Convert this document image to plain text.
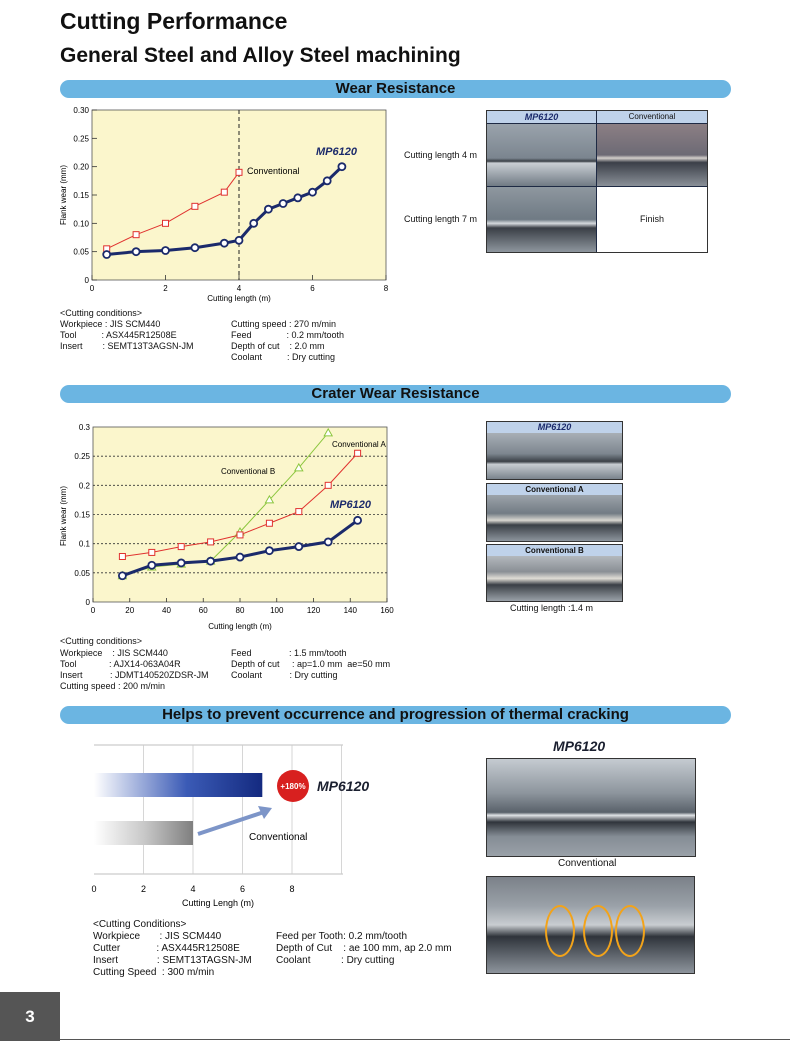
Cutting Performance
General Steel and Alloy Steel machining
Wear Resistance
0
0.05
0.10
0.15
0.20
0.25
0.30
0	2	4	6	8
Conventional
MP6120
Cutting length (m)
Flank wear (mm)
<Cutting conditions>
Workpiece : JIS SCM440
Tool          : ASX445R12508E
Insert        : SEMT13T3AGSN-JM
Cutting speed : 270 m/min
Feed              : 0.2 mm/tooth
Depth of cut    : 2.0 mm
Coolant          : Dry cutting
Cutting length 4 m
Cutting length 7 m
MP6120	Conventional
Finish
Crater Wear Resistance
0
0.05
0.1
0.15
0.2
0.25
0.3
0	20	40	60	80	100	120	140	160
Conventional A
Conventional B
MP6120
Cutting length (m)
Flank wear (mm)
<Cutting conditions>
Workpiece    : JIS SCM440
Tool             : AJX14-063A04R
Insert           : JDMT140520ZDSR-JM
Cutting speed : 200 m/min
Feed               : 1.5 mm/tooth
Depth of cut     : ap=1.0 mm  ae=50 mm
Coolant           : Dry cutting
MP6120
Conventional A
Conventional B
Cutting length :1.4 m
Helps to prevent occurrence and progression of thermal cracking
+180% MP6120
Conventional
0	2	4	6	8
Cutting Lengh (m)
<Cutting Conditions>
Workpiece       : JIS SCM440
Cutter             : ASX445R12508E
Insert              : SEMT13TAGSN-JM
Cutting Speed  : 300 m/min
Feed per Tooth: 0.2 mm/tooth
Depth of Cut    : ae 100 mm, ap 2.0 mm
Coolant           : Dry cutting
MP6120
Conventional
3
